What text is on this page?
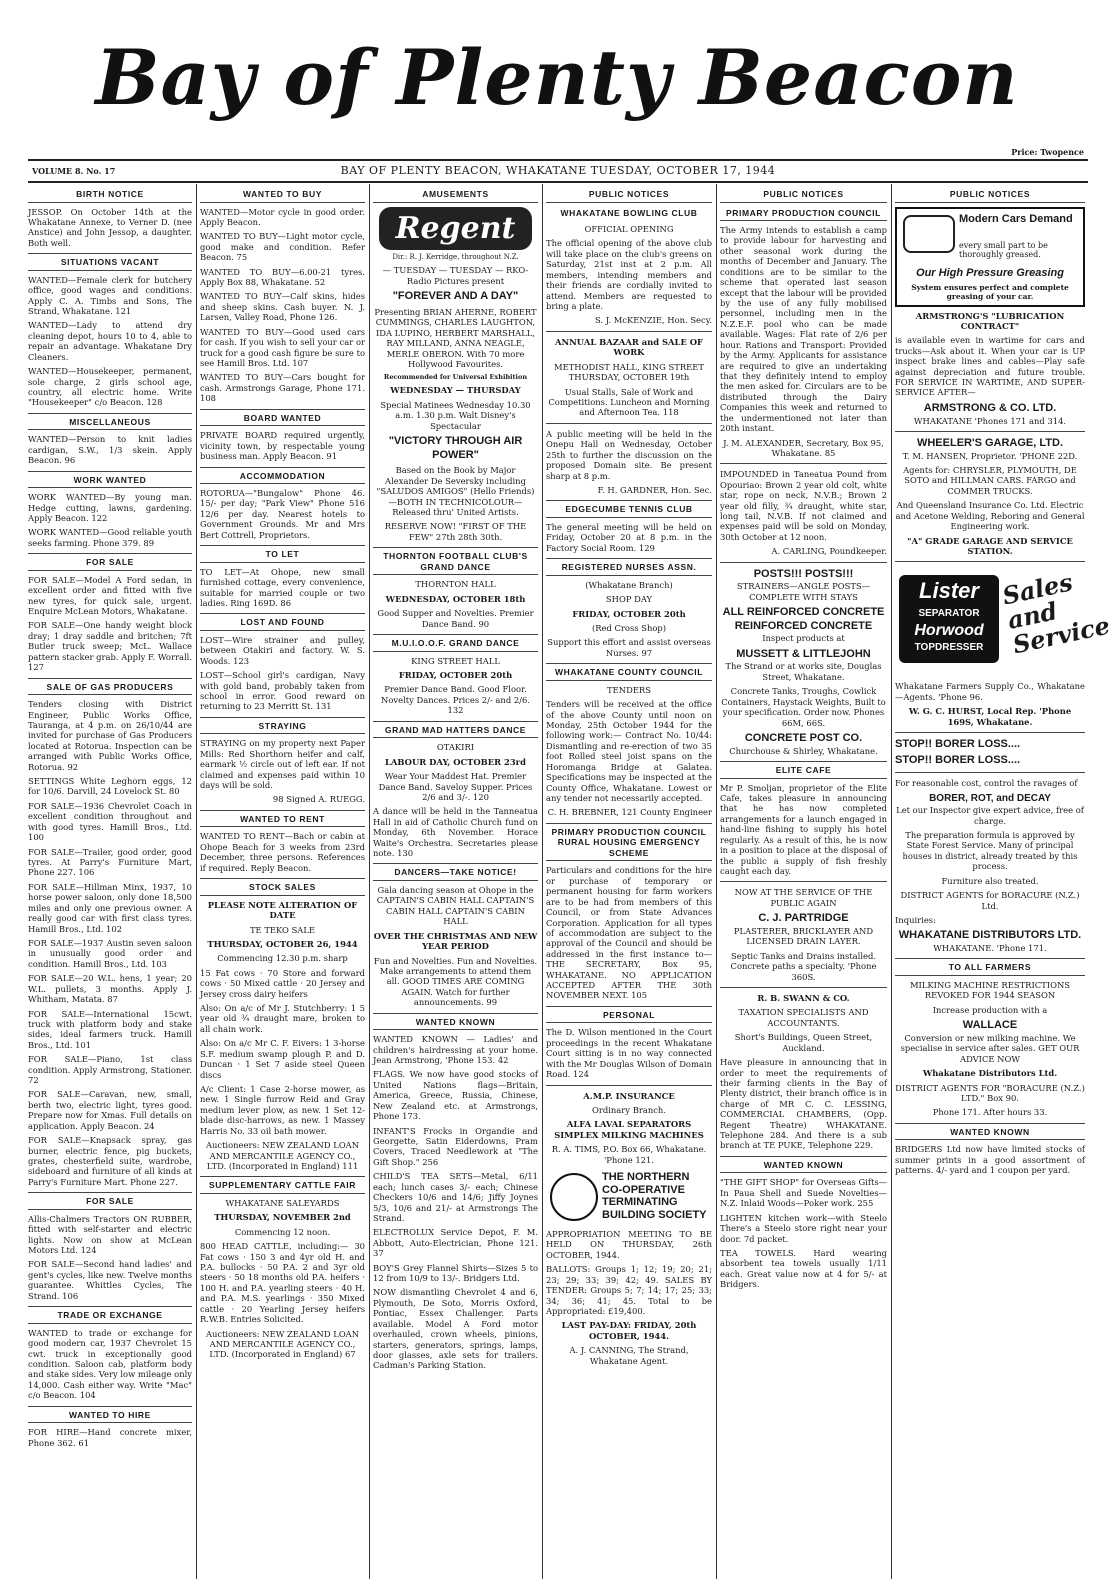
Bay of Plenty Beacon
VOLUME 8. No. 17	BAY OF PLENTY BEACON, WHAKATANE TUESDAY, OCTOBER 17, 1944
Price: Twopence
BIRTH NOTICE

JESSOP. On October 14th at the Whakatane Annexe, to Verner D. (nee Anstice) and John Jessop, a daughter. Both well.

SITUATIONS VACANT

WANTED—Female clerk for butchery office, good wages and conditions. Apply C. A. Timbs and Sons, The Strand, Whakatane. 121

WANTED—Lady to attend dry cleaning depot, hours 10 to 4, able to repair an advantage. Whakatane Dry Cleaners.

WANTED—Housekeeper, permanent, sole charge, 2 girls school age, country, all electric home. Write "Housekeeper" c/o Beacon. 128

MISCELLANEOUS

WANTED—Person to knit ladies cardigan, S.W., 1/3 skein. Apply Beacon. 96

WORK WANTED

WORK WANTED—By young man. Hedge cutting, lawns, gardening. Apply Beacon. 122

WORK WANTED—Good reliable youth seeks farming. Phone 379. 89

FOR SALE

FOR SALE—Model A Ford sedan, in excellent order and fitted with five new tyres, for quick sale, urgent. Enquire McLean Motors, Whakatane.

FOR SALE—One handy weight block dray; 1 dray saddle and britchen; 7ft Butler truck sweep; McL. Wallace pattern stacker grab. Apply F. Worrall. 127

SALE OF GAS PRODUCERS

Tenders closing with District Engineer, Public Works Office, Tauranga, at 4 p.m. on 26/10/44 are invited for purchase of Gas Producers located at Rotorua. Inspection can be arranged with Public Works Office, Rotorua. 92

SETTINGS White Leghorn eggs, 12 for 10/6. Darvill, 24 Lovelock St. 80

FOR SALE—1936 Chevrolet Coach in excellent condition throughout and with good tyres. Hamill Bros., Ltd. 100

FOR SALE—Trailer, good order, good tyres. At Parry's Furniture Mart, Phone 227. 106

FOR SALE—Hillman Minx, 1937, 10 horse power saloon, only done 18,500 miles and only one previous owner. A really good car with first class tyres. Hamill Bros., Ltd. 102

FOR SALE—1937 Austin seven saloon in unusually good order and condition. Hamill Bros., Ltd. 103

FOR SALE—20 W.L. hens, 1 year; 20 W.L. pullets, 3 months. Apply J. Whitham, Matata. 87

FOR SALE—International 15cwt. truck with platform body and stake sides, ideal farmers truck. Hamill Bros., Ltd. 101

FOR SALE—Piano, 1st class condition. Apply Armstrong, Stationer. 72

FOR SALE—Caravan, new, small, berth two, electric light, tyres good. Prepare now for Xmas. Full details on application. Apply Beacon. 24

FOR SALE—Knapsack spray, gas burner, electric fence, pig buckets, grates, chesterfield suite, wardrobe, sideboard and furniture of all kinds at Parry's Furniture Mart. Phone 227.

FOR SALE

Allis-Chalmers Tractors ON RUBBER, fitted with self-starter and electric lights. Now on show at McLean Motors Ltd. 124

FOR SALE—Second hand ladies' and gent's cycles, like new. Twelve months guarantee. Whittles Cycles, The Strand. 106

TRADE OR EXCHANGE

WANTED to trade or exchange for good modern car, 1937 Chevrolet 15 cwt. truck in exceptionally good condition. Saloon cab, platform body and stake sides. Very low mileage only 14,000. Cash either way. Write "Mac" c/o Beacon. 104

WANTED TO HIRE

FOR HIRE—Hand concrete mixer, Phone 362. 61

WANTED TO BUY

WANTED—Motor cycle in good order. Apply Beacon.

WANTED TO BUY—Light motor cycle, good make and condition. Refer Beacon. 75

WANTED TO BUY—6.00-21 tyres. Apply Box 88, Whakatane. 52

WANTED TO BUY—Calf skins, hides and sheep skins. Cash buyer. N. J. Larsen, Valley Road, Phone 126.

WANTED TO BUY—Good used cars for cash. If you wish to sell your car or truck for a good cash figure be sure to see Hamill Bros. Ltd. 107

WANTED TO BUY—Cars bought for cash. Armstrongs Garage, Phone 171. 108

BOARD WANTED

PRIVATE BOARD required urgently, vicinity town, by respectable young business man. Apply Beacon. 91

ACCOMMODATION

ROTORUA—"Bungalow" Phone 46. 15/- per day; "Park View" Phone 516 12/6 per day. Nearest hotels to Government Grounds. Mr and Mrs Bert Cottrell, Proprietors.

TO LET

TO LET—At Ohope, new small furnished cottage, every convenience, suitable for married couple or two ladies. Ring 169D. 86

LOST AND FOUND

LOST—Wire strainer and pulley, between Otakiri and factory. W. S. Woods. 123

LOST—School girl's cardigan, Navy with gold band, probably taken from school in error. Good reward on returning to 23 Merritt St. 131

STRAYING

STRAYING on my property next Paper Mills: Red Shorthorn heifer and calf, earmark ½ circle out of left ear. If not claimed and expenses paid within 10 days will be sold.

98 Signed A. RUEGG.

WANTED TO RENT

WANTED TO RENT—Bach or cabin at Ohope Beach for 3 weeks from 23rd December, three persons. References if required. Reply Beacon.

STOCK SALES

PLEASE NOTE ALTERATION OF DATE

TE TEKO SALE

THURSDAY, OCTOBER 26, 1944

Commencing 12.30 p.m. sharp

15 Fat cows · 70 Store and forward cows · 50 Mixed cattle · 20 Jersey and Jersey cross dairy heifers

Also: On a/c of Mr J. Stutchberry: 1 5 year old ¾ draught mare, broken to all chain work.

Also: On a/c Mr C. F. Eivers: 1 3-horse S.F. medium swamp plough P. and D. Duncan · 1 Set 7 aside steel Queen discs

A/c Client: 1 Case 2-horse mower, as new. 1 Single furrow Reid and Gray medium lever plow, as new. 1 Set 12-blade disc-harrows, as new. 1 Massey Harris No. 33 oil bath mower.

Auctioneers: NEW ZEALAND LOAN AND MERCANTILE AGENCY CO., LTD. (Incorporated in England) 111

SUPPLEMENTARY CATTLE FAIR

WHAKATANE SALEYARDS

THURSDAY, NOVEMBER 2nd

Commencing 12 noon.

800 HEAD CATTLE, including:— 30 Fat cows · 150 3 and 4yr old H. and P.A. bullocks · 50 P.A. 2 and 3yr old steers · 50 18 months old P.A. heifers · 100 H. and P.A. yearling steers · 40 H. and P.A. M.S. yearlings · 350 Mixed cattle · 20 Yearling Jersey heifers R.W.B. Entries Solicited.

Auctioneers: NEW ZEALAND LOAN AND MERCANTILE AGENCY CO., LTD. (Incorporated in England) 67

AMUSEMENTS
Regent

Dir.: R. J. Kerridge, throughout N.Z.

— TUESDAY — TUESDAY — RKO-Radio Pictures present

"FOREVER AND A DAY"

Presenting BRIAN AHERNE, ROBERT CUMMINGS, CHARLES LAUGHTON, IDA LUPINO, HERBERT MARSHALL, RAY MILLAND, ANNA NEAGLE, MERLE OBERON. With 70 more Hollywood Favourites.

Recommended for Universal Exhibition

WEDNESDAY — THURSDAY

Special Matinees Wednesday 10.30 a.m. 1.30 p.m. Walt Disney's Spectacular

"VICTORY THROUGH AIR POWER"

Based on the Book by Major Alexander De Seversky including "SALUDOS AMIGOS" (Hello Friends) —BOTH IN TECHNICOLOUR— Released thru' United Artists.

RESERVE NOW! "FIRST OF THE FEW" 27th 28th 30th.

THORNTON FOOTBALL CLUB'S GRAND DANCE

THORNTON HALL

WEDNESDAY, OCTOBER 18th

Good Supper and Novelties. Premier Dance Band. 90

M.U.I.O.O.F. GRAND DANCE

KING STREET HALL

FRIDAY, OCTOBER 20th

Premier Dance Band. Good Floor. Novelty Dances. Prices 2/- and 2/6. 132

GRAND MAD HATTERS DANCE

OTAKIRI

LABOUR DAY, OCTOBER 23rd

Wear Your Maddest Hat. Premier Dance Band. Saveloy Supper. Prices 2/6 and 3/-. 120

A dance will be held in the Tanneatua Hall in aid of Catholic Church fund on Monday, 6th November. Horace Waite's Orchestra. Secretaries please note. 130

DANCERS—TAKE NOTICE!

Gala dancing season at Ohope in the CAPTAIN'S CABIN HALL CAPTAIN'S CABIN HALL CAPTAIN'S CABIN HALL

OVER THE CHRISTMAS AND NEW YEAR PERIOD

Fun and Novelties. Fun and Novelties. Make arrangements to attend them all. GOOD TIMES ARE COMING AGAIN. Watch for further announcements. 99

WANTED KNOWN

WANTED KNOWN — Ladies' and children's hairdressing at your home. Jean Armstrong, 'Phone 153. 42

FLAGS. We now have good stocks of United Nations flags—Britain, America, Greece, Russia, Chinese, New Zealand etc. at Armstrongs, Phone 173.

INFANT'S Frocks in Organdie and Georgette, Satin Eiderdowns, Pram Covers, Traced Needlework at "The Gift Shop." 256

CHILD'S TEA SETS—Metal, 6/11 each; lunch cases 3/- each; Chinese Checkers 10/6 and 14/6; Jiffy Joynes 5/3, 10/6 and 21/- at Armstrongs The Strand.

ELECTROLUX Service Depot, F. M. Abbott, Auto-Electrician, Phone 121. 37

BOY'S Grey Flannel Shirts—Sizes 5 to 12 from 10/9 to 13/-. Bridgers Ltd.

NOW dismantling Chevrolet 4 and 6, Plymouth, De Soto, Morris Oxford, Pontiac, Essex Challenger. Parts available. Model A Ford motor overhauled, crown wheels, pinions, starters, generators, springs, lamps, door glasses, axle sets for trailers. Cadman's Parking Station.

PUBLIC NOTICES
WHAKATANE BOWLING CLUB

OFFICIAL OPENING

The official opening of the above club will take place on the club's greens on Saturday, 21st inst at 2 p.m. All members, intending members and their friends are cordially invited to attend. Members are requested to bring a plate.

S. J. McKENZIE, Hon. Secy.

ANNUAL BAZAAR and SALE OF WORK

METHODIST HALL, KING STREET THURSDAY, OCTOBER 19th

Usual Stalls, Sale of Work and Competitions. Luncheon and Morning and Afternoon Tea. 118

A public meeting will be held in the Onepu Hall on Wednesday, October 25th to further the discussion on the proposed Domain site. Be present sharp at 8 p.m.

F. H. GARDNER, Hon. Sec.

EDGECUMBE TENNIS CLUB

The general meeting will be held on Friday, October 20 at 8 p.m. in the Factory Social Room. 129

REGISTERED NURSES ASSN.

(Whakatane Branch)

SHOP DAY

FRIDAY, OCTOBER 20th

(Red Cross Shop)

Support this effort and assist overseas Nurses. 97

WHAKATANE COUNTY COUNCIL

TENDERS

Tenders will be received at the office of the above County until noon on Monday, 25th October 1944 for the following work:— Contract No. 10/44: Dismantling and re-erection of two 35 foot Rolled steel joist spans on the Horomanga Bridge at Galatea. Specifications may be inspected at the County Office, Whakatane. Lowest or any tender not necessarily accepted.

C. H. BREBNER, 121 County Engineer

PRIMARY PRODUCTION COUNCIL RURAL HOUSING EMERGENCY SCHEME

Particulars and conditions for the hire or purchase of temporary or permanent housing for farm workers are to be had from members of this Council, or from State Advances Corporation. Application for all types of accommodation are subject to the approval of the Council and should be addressed in the first instance to—THE SECRETARY, Box 95, WHAKATANE. NO APPLICATION ACCEPTED AFTER THE 30th NOVEMBER NEXT. 105

PERSONAL

The D. Wilson mentioned in the Court proceedings in the recent Whakatane Court sitting is in no way connected with the Mr Douglas Wilson of Domain Road. 124

A.M.P. INSURANCE

Ordinary Branch.

ALFA LAVAL SEPARATORS SIMPLEX MILKING MACHINES

R. A. TIMS, P.O. Box 66, Whakatane. 'Phone 121.

THE NORTHERN CO-OPERATIVE TERMINATING BUILDING SOCIETY

APPROPRIATION MEETING TO BE HELD ON THURSDAY, 26th OCTOBER, 1944.

BALLOTS: Groups 1; 12; 19; 20; 21; 23; 29; 33; 39; 42; 49. SALES BY TENDER: Groups 5; 7; 14; 17; 25; 33; 34; 36; 41; 45. Total to be Appropriated: £19,400.

LAST PAY-DAY: FRIDAY, 20th OCTOBER, 1944.

A. J. CANNING, The Strand, Whakatane Agent.

PUBLIC NOTICES
PRIMARY PRODUCTION COUNCIL

The Army intends to establish a camp to provide labour for harvesting and other seasonal work during the months of December and January. The conditions are to be similar to the scheme that operated last season except that the labour will be provided by the use of any fully mobilised personnel, including men in the N.Z.E.F. pool who can be made available. Wages: Flat rate of 2/6 per hour. Rations and Transport: Provided by the Army. Applicants for assistance are required to give an undertaking that they definitely intend to employ the men asked for. Circulars are to be distributed through the Dairy Companies this week and returned to the undermentioned not later than 20th instant.

J. M. ALEXANDER, Secretary, Box 95, Whakatane. 85

IMPOUNDED in Taneatua Pound from Opouriao: Brown 2 year old colt, white star, rope on neck, N.V.B.; Brown 2 year old filly, ¾ draught, white star, long tail, N.V.B. If not claimed and expenses paid will be sold on Monday, 30th October at 12 noon.

A. CARLING, Poundkeeper.

POSTS!!! POSTS!!!

STRAINERS—ANGLE POSTS— COMPLETE WITH STAYS

ALL REINFORCED CONCRETE REINFORCED CONCRETE

Inspect products at

MUSSETT & LITTLEJOHN

The Strand or at works site, Douglas Street, Whakatane.

Concrete Tanks, Troughs, Cowlick Containers, Haystack Weights, Built to your specification. Order now. Phones 66M, 66S.

CONCRETE POST CO.

Churchouse & Shirley, Whakatane.

ELITE CAFE

Mr P. Smoljan, proprietor of the Elite Cafe, takes pleasure in announcing that he has now completed arrangements for a launch engaged in hand-line fishing to supply his hotel regularly. As a result of this, he is now in a position to place at the disposal of the public a supply of fish freshly caught each day.

NOW AT THE SERVICE OF THE PUBLIC AGAIN

C. J. PARTRIDGE

PLASTERER, BRICKLAYER AND LICENSED DRAIN LAYER.

Septic Tanks and Drains installed. Concrete paths a specialty. 'Phone 360S.

R. B. SWANN & CO.

TAXATION SPECIALISTS AND ACCOUNTANTS.

Short's Buildings, Queen Street, Auckland.

Have pleasure in announcing that in order to meet the requirements of their farming clients in the Bay of Plenty district, their branch office is in charge of MR C. C. LESSING, COMMERCIAL CHAMBERS, (Opp. Regent Theatre) WHAKATANE. Telephone 284. And there is a sub branch at TE PUKE, Telephone 229.

WANTED KNOWN

"THE GIFT SHOP" for Overseas Gifts—In Paua Shell and Suede Novelties—N.Z. Inlaid Woods—Poker work. 255

LIGHTEN kitchen work—with Steelo There's a Steelo store right near your door. 7d packet.

TEA TOWELS. Hard wearing absorbent tea towels usually 1/11 each. Great value now at 4 for 5/- at Bridgers.

PUBLIC NOTICES
Modern Cars Demand
every small part to be thoroughly greased.
Our High Pressure Greasing
System ensures perfect and complete greasing of your car.

ARMSTRONG'S "LUBRICATION CONTRACT"

is available even in wartime for cars and trucks—Ask about it. When your car is UP inspect brake lines and cables—Play safe against depreciation and future trouble. FOR SERVICE IN WARTIME, AND SUPER-SERVICE AFTER—

ARMSTRONG & CO. LTD.

WHAKATANE 'Phones 171 and 314.

WHEELER'S GARAGE, LTD.

T. M. HANSEN, Proprietor. 'PHONE 22D.

Agents for: CHRYSLER, PLYMOUTH, DE SOTO and HILLMAN CARS. FARGO and COMMER TRUCKS.

And Queensland Insurance Co. Ltd. Electric and Acetone Welding, Reboring and General Engineering work.

"A" GRADE GARAGE AND SERVICE STATION.

Lister
SEPARATOR
Horwood
TOPDRESSER
Sales and Service

Whakatane Farmers Supply Co., Whakatane—Agents. 'Phone 96.

W. G. C. HURST, Local Rep. 'Phone 169S, Whakatane.

STOP!! BORER LOSS....
STOP!! BORER LOSS....

For reasonable cost, control the ravages of

BORER, ROT, and DECAY

Let our Inspector give expert advice, free of charge.

The preparation formula is approved by State Forest Service. Many of principal houses in district, already treated by this process.

Furniture also treated.

DISTRICT AGENTS for BORACURE (N.Z.) Ltd.

Inquiries:

WHAKATANE DISTRIBUTORS LTD.

WHAKATANE. 'Phone 171.

TO ALL FARMERS

MILKING MACHINE RESTRICTIONS REVOKED FOR 1944 SEASON

Increase production with a

WALLACE

Conversion or new milking machine. We specialise in service after sales. GET OUR ADVICE NOW

Whakatane Distributors Ltd.

DISTRICT AGENTS FOR "BORACURE (N.Z.) LTD." Box 90.

Phone 171. After hours 33.

WANTED KNOWN

BRIDGERS Ltd now have limited stocks of summer prints in a good assortment of patterns. 4/- yard and 1 coupon per yard.
